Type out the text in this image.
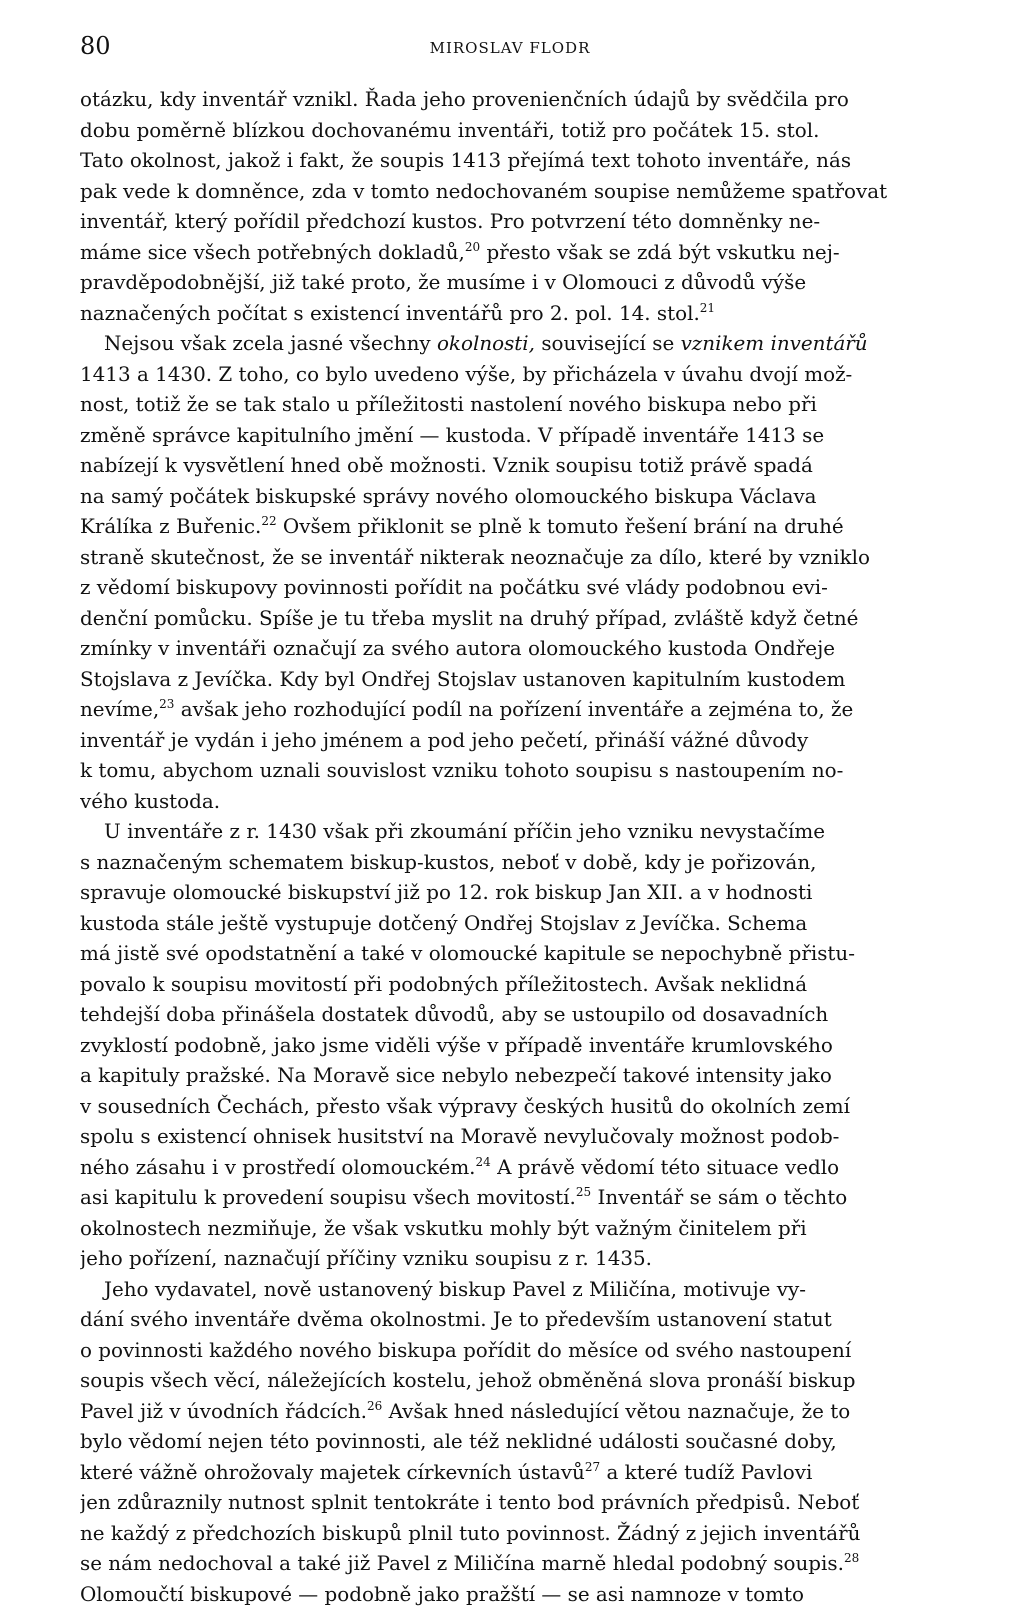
80	MIROSLAV FLODR

otázku, kdy inventář vznikl. Řada jeho provenienčních údajů by svědčila pro
dobu poměrně blízkou dochovanému inventáři, totiž pro počátek 15. stol.
Tato okolnost, jakož i fakt, že soupis 1413 přejímá text tohoto inventáře, nás
pak vede k domněnce, zda v tomto nedochovaném soupise nemůžeme spatřovat
inventář, který pořídil předchozí kustos. Pro potvrzení této domněnky ne-
máme sice všech potřebných dokladů,$^{20}$ přesto však se zdá být vskutku nej-
pravděpodobnější, již také proto, že musíme i v Olomouci z důvodů výše
naznačených počítat s existencí inventářů pro 2. pol. 14. stol.$^{21}$

Nejsou však zcela jasné všechny okolnosti, související se vznikem inventářů
1413 a 1430. Z toho, co bylo uvedeno výše, by přicházela v úvahu dvojí mož-
nost, totiž že se tak stalo u příležitosti nastolení nového biskupa nebo při
změně správce kapitulního jmění — kustoda. V případě inventáře 1413 se
nabízejí k vysvětlení hned obě možnosti. Vznik soupisu totiž právě spadá
na samý počátek biskupské správy nového olomouckého biskupa Václava
Králíka z Buřenic.$^{22}$ Ovšem přiklonit se plně k tomuto řešení brání na druhé
straně skutečnost, že se inventář nikterak neoznačuje za dílo, které by vzniklo
z vědomí biskupovy povinnosti pořídit na počátku své vlády podobnou evi-
denční pomůcku. Spíše je tu třeba myslit na druhý případ, zvláště když četné
zmínky v inventáři označují za svého autora olomouckého kustoda Ondřeje
Stojslava z Jevíčka. Kdy byl Ondřej Stojslav ustanoven kapitulním kustodem
nevíme,$^{23}$ avšak jeho rozhodující podíl na pořízení inventáře a zejména to, že
inventář je vydán i jeho jménem a pod jeho pečetí, přináší vážné důvody
k tomu, abychom uznali souvislost vzniku tohoto soupisu s nastoupením no-
vého kustoda.

U inventáře z r. 1430 však při zkoumání příčin jeho vzniku nevystačíme
s naznačeným schematem biskup-kustos, neboť v době, kdy je pořizován,
spravuje olomoucké biskupství již po 12. rok biskup Jan XII. a v hodnosti
kustoda stále ještě vystupuje dotčený Ondřej Stojslav z Jevíčka. Schema
má jistě své opodstatnění a také v olomoucké kapitule se nepochybně přistu-
povalo k soupisu movitostí při podobných příležitostech. Avšak neklidná
tehdejší doba přinášela dostatek důvodů, aby se ustoupilo od dosavadních
zvyklostí podobně, jako jsme viděli výše v případě inventáře krumlovského
a kapituly pražské. Na Moravě sice nebylo nebezpečí takové intensity jako
v sousedních Čechách, přesto však výpravy českých husitů do okolních zemí
spolu s existencí ohnisek husitství na Moravě nevylučovaly možnost podob-
ného zásahu i v prostředí olomouckém.$^{24}$ A právě vědomí této situace vedlo
asi kapitulu k provedení soupisu všech movitostí.$^{25}$ Inventář se sám o těchto
okolnostech nezmiňuje, že však vskutku mohly být važným činitelem při
jeho pořízení, naznačují příčiny vzniku soupisu z r. 1435.

Jeho vydavatel, nově ustanovený biskup Pavel z Miličína, motivuje vy-
dání svého inventáře dvěma okolnostmi. Je to především ustanovení statut
o povinnosti každého nového biskupa pořídit do měsíce od svého nastoupení
soupis všech věcí, náležejících kostelu, jehož obměněná slova pronáší biskup
Pavel již v úvodních řádcích.$^{26}$ Avšak hned následující větou naznačuje, že to
bylo vědomí nejen této povinnosti, ale též neklidné události současné doby,
které vážně ohrožovaly majetek církevních ústavů$^{27}$ a které tudíž Pavlovi
jen zdůraznily nutnost splnit tentokráte i tento bod právních předpisů. Neboť
ne každý z předchozích biskupů plnil tuto povinnost. Žádný z jejich inventářů
se nám nedochoval a také již Pavel z Miličína marně hledal podobný soupis.$^{28}$
Olomoučtí biskupové — podobně jako pražští — se asi namnoze v tomto
